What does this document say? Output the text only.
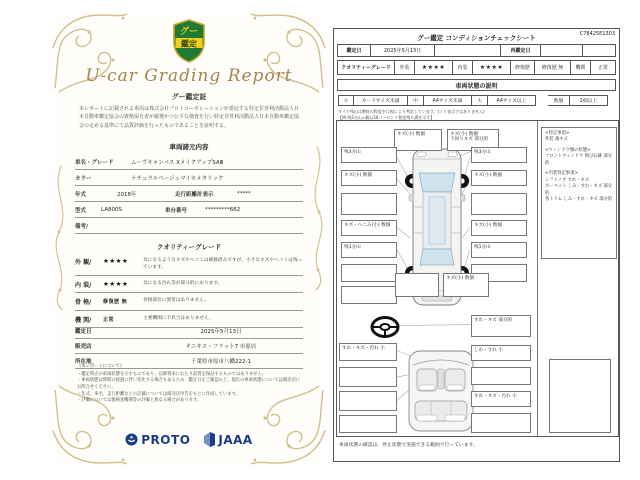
グー
鑑定
U-car Grading Report
グー鑑定証
本レポートに記載される車両は株式会社プロトコーポレーションが委託する特定非営利活動法人日本自動車鑑定協会の資格保有者が厳選かつ公平な検査を行い特定非営利活動法人日本自動車鑑定協会の定める基準にて品質評価を行ったものであることを証明する。
車両諸元内容
車名・グレード	ムーヴキャンバス XメイクアップSAⅢ
カラー	ナチュラルベージュマイカメタリック
年式	2018年	走行距離計表示	*****
型式	LA800S	車台番号	*********662
備考/
クオリティーグレード
外 観/	★★★★	気になるようなキズやヘコミは補修済みですが、小さなキズやヘコミは残っています。
内 装/	★★★★	気になる汚れ等が部分的にあります。
骨 格/	修復歴 無	骨格部位に異常はありません。
機 関/	正常	主要機関に不具合はありません。
鑑定日	2025年5月13日
販売店	オニキス・フラット7 市原店
所在地	千葉県市原市八幡222-1
《本レポートについて》
・鑑定時点の車両状態を示すものであり、以降将来にわたり品質を保証するものではありません。
・車両状態は時間の経過に伴い変化する場合もあるため、鑑定日をご確認の上、現在の車両状態については販売店にお問合せください。
・年式、車名、走行距離などの記載については販売店申告をもとに作成しています。
・評価については他検査機関等の評価と異なる場合があります。
PROTO JAAA
C78425E1303
グー鑑定 コンディションチェックシート
鑑定日	2025年5月13日	再鑑定日
クオリティーグレード	外装	★★★★	内装	★★★★	修復歴	修復歴 無	機関	正常
車両状態の説明
小	カードサイズ未満	中	A4サイズ未満	大	A4サイズ以上	数個	2個以上
タイヤ残山は磨耗の程度を目視により判定しています。(ミリ表示ではありません)
【例:残5分山=概ね50パーセント程度残り溝を示す】
キズ(小) 数個	キズ(小) 数個
下回りキズ 部分的
残3分山
キズ(小) 数個
キズ・ヘこみ(小) 数個
残1分山
残3分山
キズ(小) 数個
キズ(小) 数個
残1分山
キズ(小) 数個
すれ・キズ 部分的
すれ・キズ・汚れ 小	しわ・すれ 小
すれ・キズ・汚れ 小
<特記事項>
外装 薄キズ
<ウィンドウ類の状態>
フロントウィンドウ 飛び石跡 部分的
<内装特記事項>
シフトノブ すれ・キズ
カーペット しみ・すれ・キズ 部分的
各トリム しみ・すれ・キズ 部分的
車両状態の確認は、停止状態で実施できる範囲で行っています。
